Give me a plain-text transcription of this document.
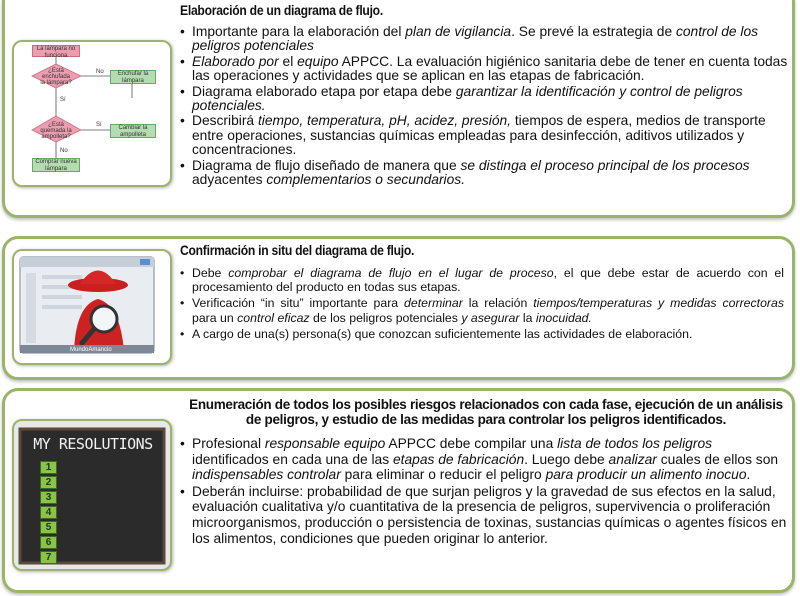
Elaboración de un diagrama de flujo.
La lámpara no funciona
¿Está enchufada la lámpara?
No
Sí
Enchufar la lámpara
¿Está quemada la ampolleta?
Sí
No
Cambiar la ampolleta
Comprar nueva lámpara
• Importante para la elaboración del plan de vigilancia. Se prevé la estrategia de control de los peligros potenciales
• Elaborado por el equipo APPCC. La evaluación higiénico sanitaria debe de tener en cuenta todas las operaciones y actividades que se aplican en las etapas de fabricación.
• Diagrama elaborado etapa por etapa debe garantizar la identificación y control de peligros potenciales.
• Describirá tiempo, temperatura, pH, acidez, presión, tiempos de espera, medios de transporte entre operaciones, sustancias químicas empleadas para desinfección, aditivos utilizados y concentraciones.
• Diagrama de flujo diseñado de manera que se distinga el proceso principal de los procesos adyacentes complementarios o secundarios.
Confirmación in situ del diagrama de flujo.
MundoAmancio
• Debe comprobar el diagrama de flujo en el lugar de proceso, el que debe estar de acuerdo con el procesamiento del producto en todas sus etapas.
• Verificación “in situ” importante para determinar la relación tiempos/temperaturas y medidas correctoras para un control eficaz de los peligros potenciales y asegurar la inocuidad.
• A cargo de una(s) persona(s) que conozcan suficientemente las actividades de elaboración.
Enumeración de todos los posibles riesgos relacionados con cada fase, ejecución de un análisis de peligros, y estudio de las medidas para controlar los peligros identificados.
MY RESOLUTIONS
1
2
3
4
5
6
7
• Profesional responsable equipo APPCC debe compilar una lista de todos los peligros identificados en cada una de las etapas de fabricación. Luego debe analizar cuales de ellos son indispensables controlar para eliminar o reducir el peligro para producir un alimento inocuo.
• Deberán incluirse: probabilidad de que surjan peligros y la gravedad de sus efectos en la salud, evaluación cualitativa y/o cuantitativa de la presencia de peligros, supervivencia o proliferación microorganismos, producción o persistencia de toxinas, sustancias químicas o agentes físicos en los alimentos, condiciones que pueden originar lo anterior.
